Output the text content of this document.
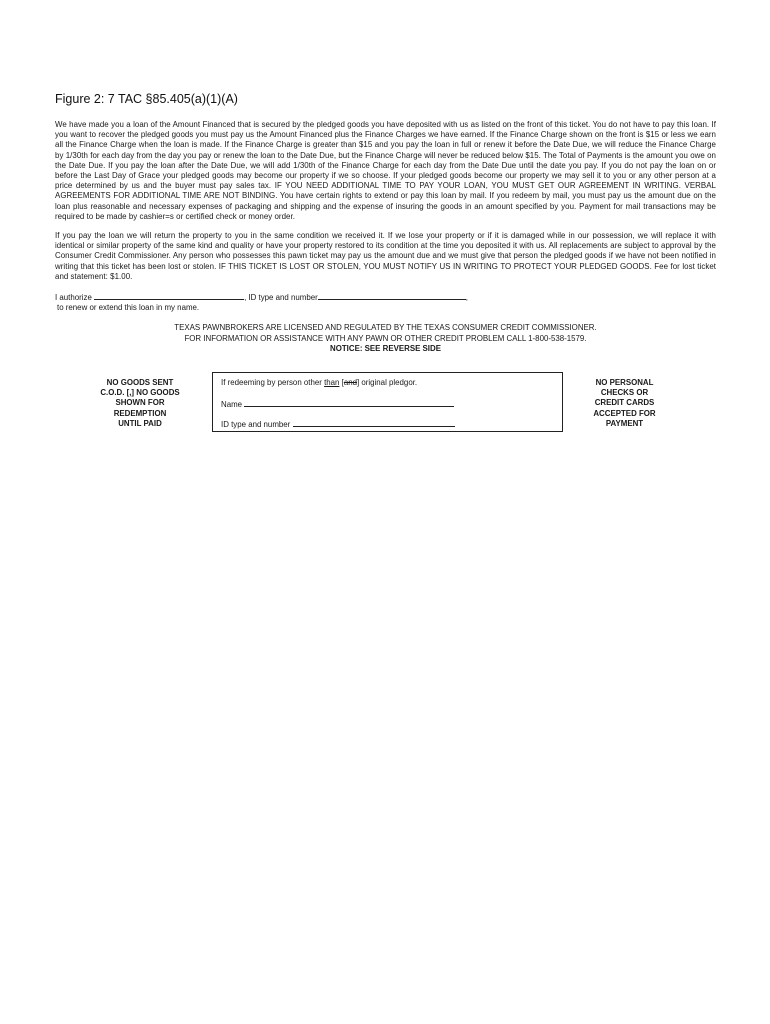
Figure 2: 7 TAC §85.405(a)(1)(A)

We have made you a loan of the Amount Financed that is secured by the pledged goods you have deposited with us as listed on the front of this ticket. You do not have to pay this loan. If you want to recover the pledged goods you must pay us the Amount Financed plus the Finance Charges we have earned. If the Finance Charge shown on the front is $15 or less we earn all the Finance Charge when the loan is made. If the Finance Charge is greater than $15 and you pay the loan in full or renew it before the Date Due, we will reduce the Finance Charge by 1/30th for each day from the day you pay or renew the loan to the Date Due, but the Finance Charge will never be reduced below $15. The Total of Payments is the amount you owe on the Date Due. If you pay the loan after the Date Due, we will add 1/30th of the Finance Charge for each day from the Date Due until the date you pay. If you do not pay the loan on or before the Last Day of Grace your pledged goods may become our property if we so choose. If your pledged goods become our property we may sell it to you or any other person at a price determined by us and the buyer must pay sales tax. IF YOU NEED ADDITIONAL TIME TO PAY YOUR LOAN, YOU MUST GET OUR AGREEMENT IN WRITING. VERBAL AGREEMENTS FOR ADDITIONAL TIME ARE NOT BINDING. You have certain rights to extend or pay this loan by mail. If you redeem by mail, you must pay us the amount due on the loan plus reasonable and necessary expenses of packaging and shipping and the expense of insuring the goods in an amount specified by you. Payment for mail transactions may be required to be made by cashier=s or certified check or money order.

If you pay the loan we will return the property to you in the same condition we received it. If we lose your property or if it is damaged while in our possession, we will replace it with identical or similar property of the same kind and quality or have your property restored to its condition at the time you deposited it with us. All replacements are subject to approval by the Consumer Credit Commissioner. Any person who possesses this pawn ticket may pay us the amount due and we must give that person the pledged goods if we have not been notified in writing that this ticket has been lost or stolen. IF THIS TICKET IS LOST OR STOLEN, YOU MUST NOTIFY US IN WRITING TO PROTECT YOUR PLEDGED GOODS. Fee for lost ticket and statement: $1.00.

I authorize	, ID type and number	,
to renew or extend this loan in my name.
TEXAS PAWNBROKERS ARE LICENSED AND REGULATED BY THE TEXAS CONSUMER CREDIT COMMISSIONER.
FOR INFORMATION OR ASSISTANCE WITH ANY PAWN OR OTHER CREDIT PROBLEM CALL 1-800-538-1579.
NOTICE: SEE REVERSE SIDE
NO GOODS SENT
C.O.D. [,] NO GOODS
SHOWN FOR
REDEMPTION
UNTIL PAID
If redeeming by person other than [and] original pledgor.
Name
ID type and number
NO PERSONAL
CHECKS OR
CREDIT CARDS
ACCEPTED FOR
PAYMENT
